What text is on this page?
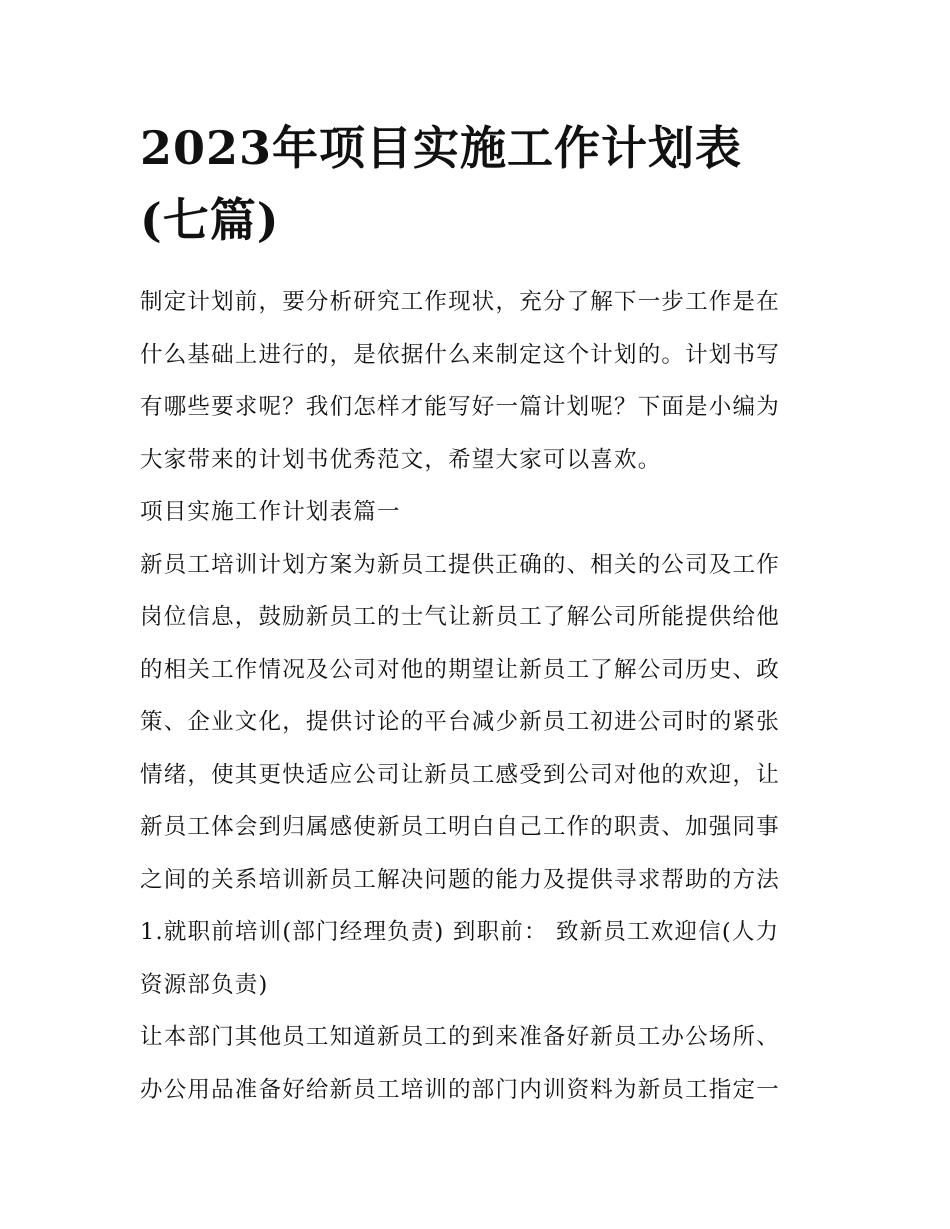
2023年项目实施工作计划表
(七篇)
制定计划前，要分析研究工作现状，充分了解下一步工作是在
什么基础上进行的，是依据什么来制定这个计划的。计划书写
有哪些要求呢？我们怎样才能写好一篇计划呢？下面是小编为
大家带来的计划书优秀范文，希望大家可以喜欢。
项目实施工作计划表篇一
新员工培训计划方案为新员工提供正确的、相关的公司及工作
岗位信息，鼓励新员工的士气让新员工了解公司所能提供给他
的相关工作情况及公司对他的期望让新员工了解公司历史、政
策、企业文化，提供讨论的平台减少新员工初进公司时的紧张
情绪，使其更快适应公司让新员工感受到公司对他的欢迎，让
新员工体会到归属感使新员工明白自己工作的职责、加强同事
之间的关系培训新员工解决问题的能力及提供寻求帮助的方法
1.就职前培训(部门经理负责) 到职前： 致新员工欢迎信(人力
资源部负责)
让本部门其他员工知道新员工的到来准备好新员工办公场所、
办公用品准备好给新员工培训的部门内训资料为新员工指定一
